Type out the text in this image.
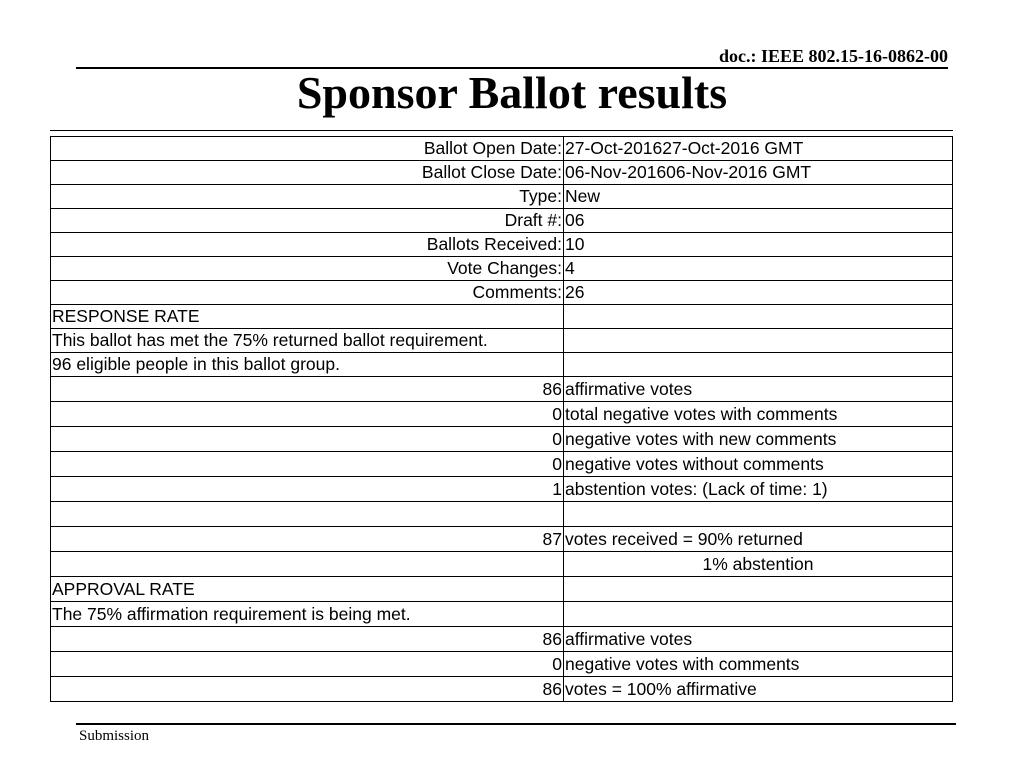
doc.: IEEE 802.15-16-0862-00
Sponsor Ballot results
Ballot Open Date:	27-Oct-201627-Oct-2016 GMT
Ballot Close Date:	06-Nov-201606-Nov-2016 GMT
Type:	New
Draft #:	06
Ballots Received:	10
Vote Changes:	4
Comments:	26
RESPONSE RATE	
This ballot has met the 75% returned ballot requirement.	
96 eligible people in this ballot group.	
86	affirmative votes
0	total negative votes with comments
0	negative votes with new comments
0	negative votes without comments
1	abstention votes: (Lack of time: 1)

87	votes received = 90% returned
	1% abstention
APPROVAL RATE	
The 75% affirmation requirement is being met.	
86	affirmative votes
0	negative votes with comments
86	votes = 100% affirmative
Submission
